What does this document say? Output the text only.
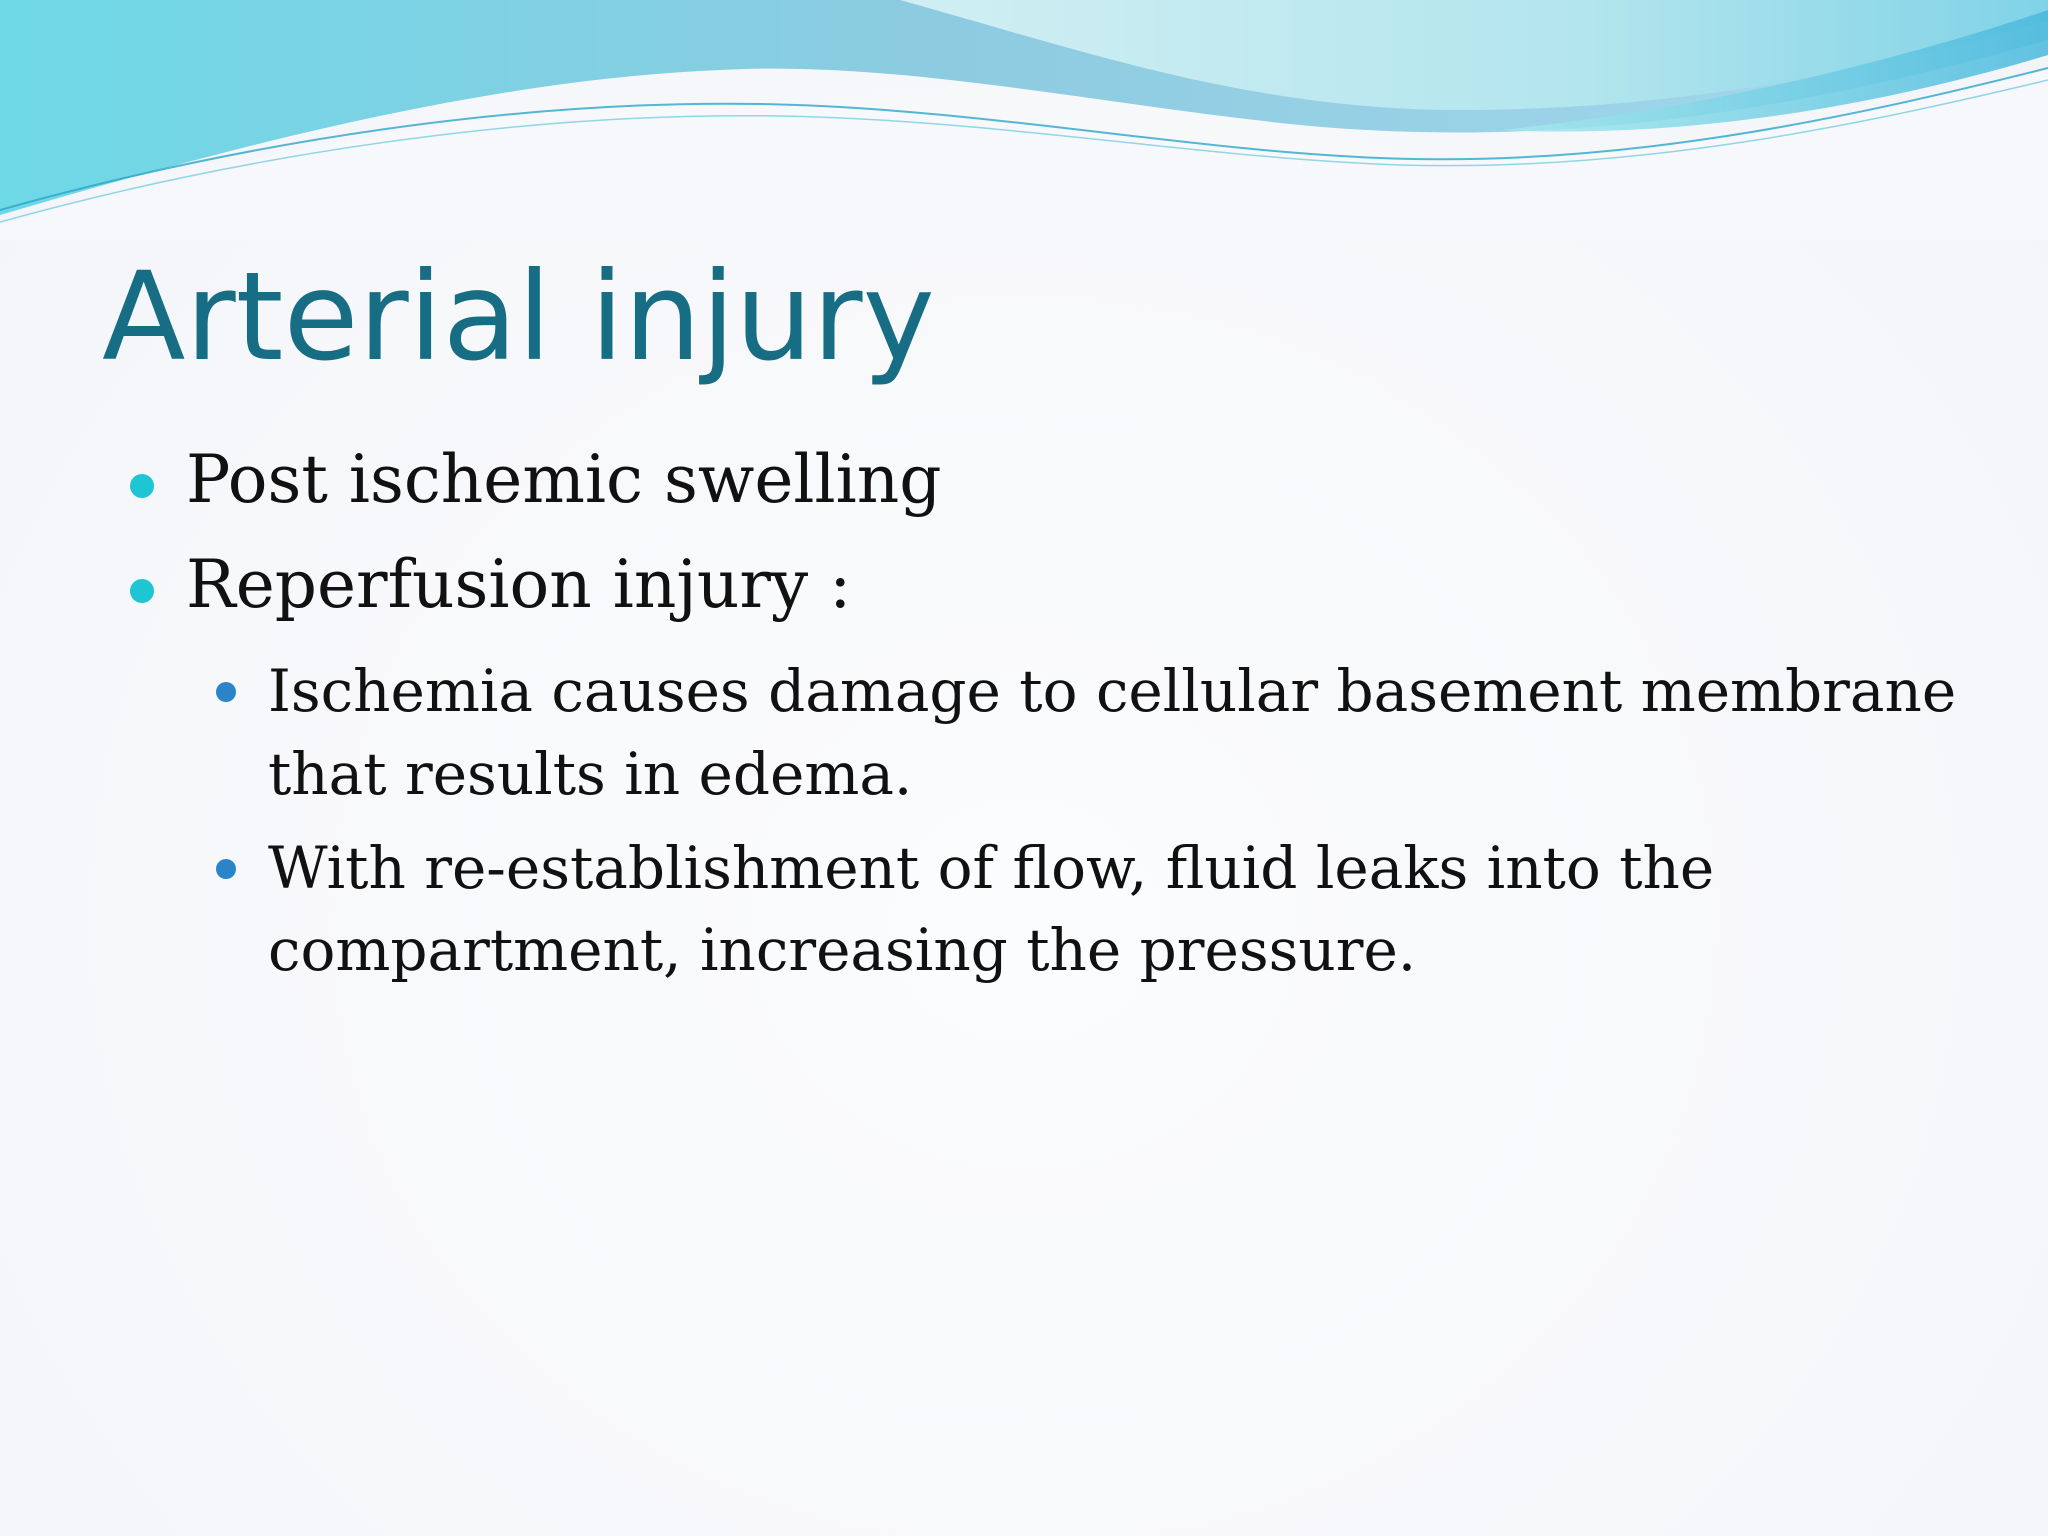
Arterial injury
Post ischemic swelling
Reperfusion injury :
Ischemia causes damage to cellular basement membrane that results in edema.
With re-establishment of flow, fluid leaks into the compartment, increasing the pressure.
